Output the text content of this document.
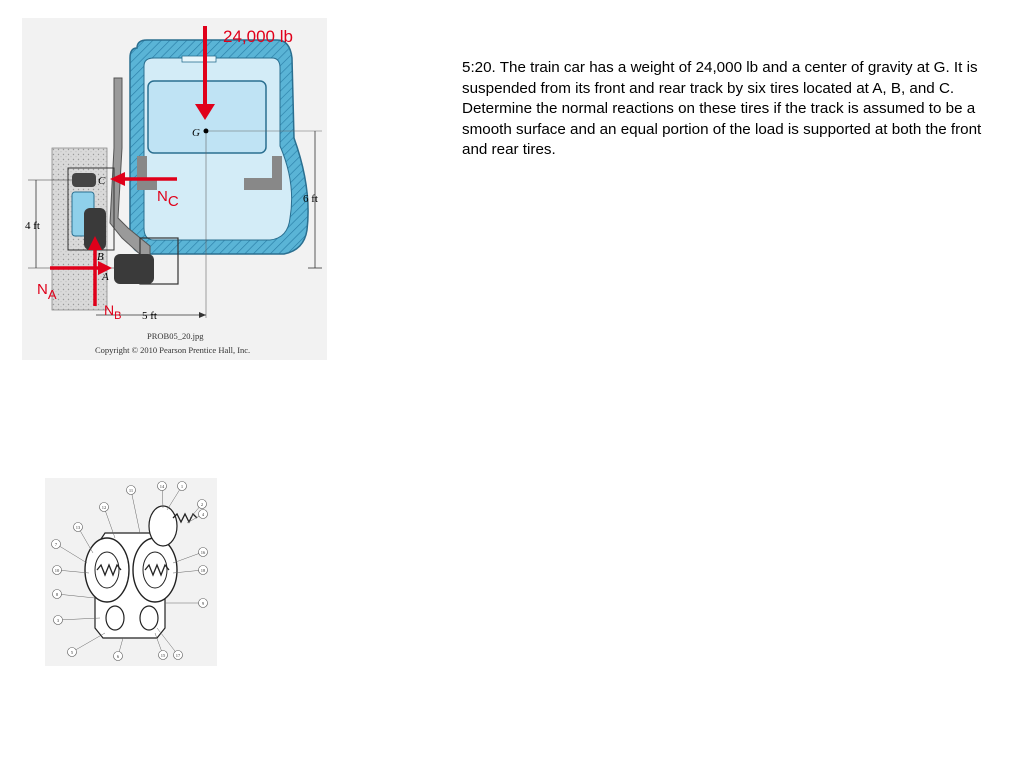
5:20. The train car has a weight of 24,000 lb and a center of gravity at G. It is suspended from its front and rear track by six tires located at A, B, and C. Determine the normal reactions on these tires if the track is assumed to be a smooth surface and an equal portion of the load is supported at both the front and rear tires.
C
B
A
G
6 ft
4 ft
5 ft
PROB05_20.jpg
Copyright © 2010 Pearson Prentice Hall, Inc.
24,000 lb
NC
NA
$N_B$
14	1
11
2
4
12
13
7
10
16
18
8
9
3
5
6	15 17
